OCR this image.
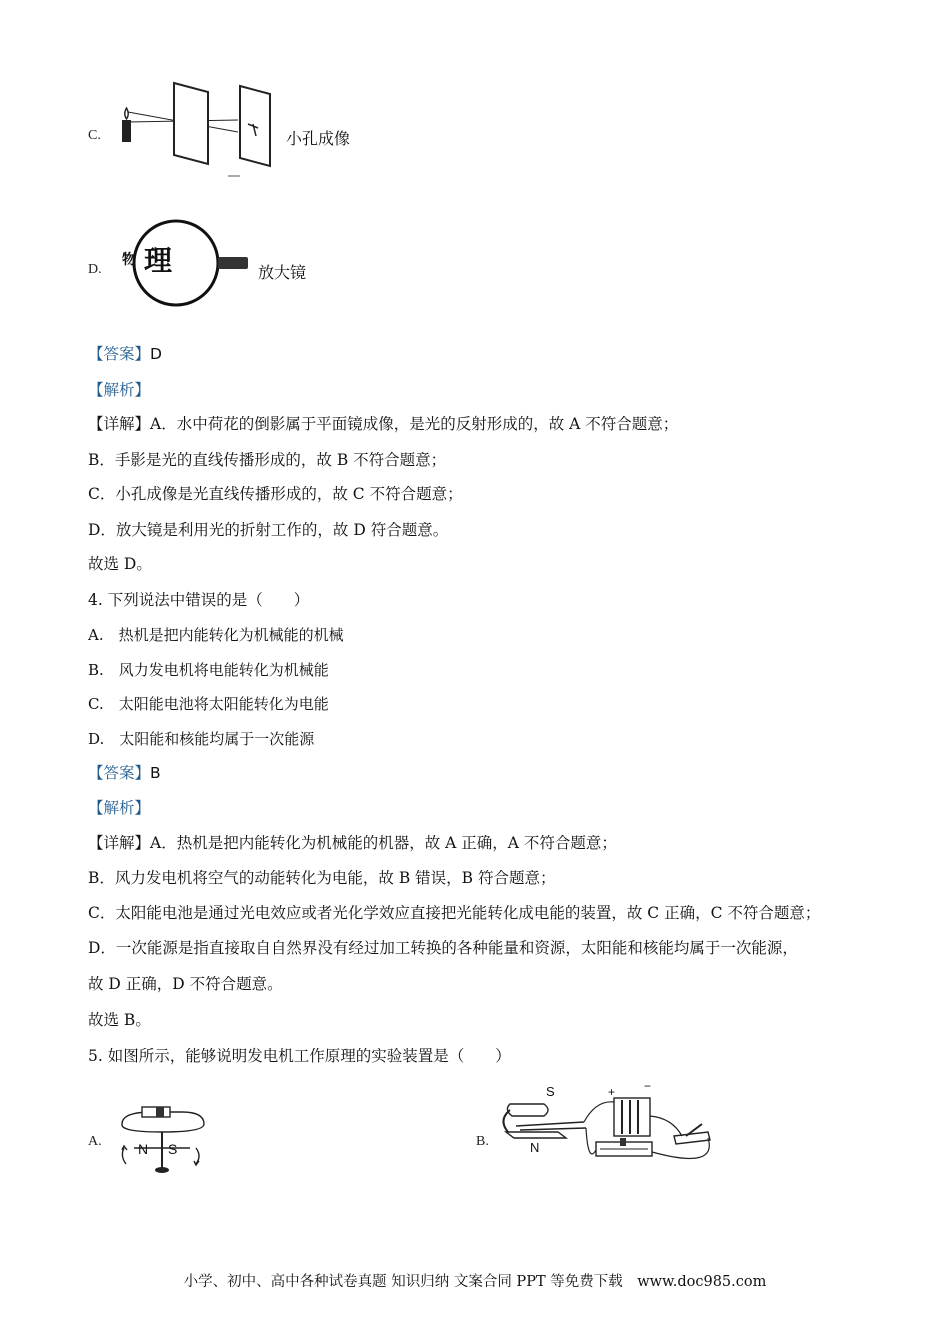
C.	小孔成像
D.
物 理	放大镜
【答案】D
【解析】
【详解】A．水中荷花的倒影属于平面镜成像，是光的反射形成的，故 A 不符合题意；
B．手影是光的直线传播形成的，故 B 不符合题意；
C．小孔成像是光直线传播形成的，故 C 不符合题意；
D．放大镜是利用光的折射工作的，故 D 符合题意。
故选 D。
4. 下列说法中错误的是（　　）
A.　热机是把内能转化为机械能的机械
B.　风力发电机将电能转化为机械能
C.　太阳能电池将太阳能转化为电能
D.　太阳能和核能均属于一次能源
【答案】B
【解析】
【详解】A．热机是把内能转化为机械能的机器，故 A 正确，A 不符合题意；
B．风力发电机将空气的动能转化为电能，故 B 错误，B 符合题意；
C．太阳能电池是通过光电效应或者光化学效应直接把光能转化成电能的装置，故 C 正确，C 不符合题意；
D．一次能源是指直接取自自然界没有经过加工转换的各种能量和资源，太阳能和核能均属于一次能源，
故 D 正确，D 不符合题意。
故选 B。
5. 如图所示，能够说明发电机工作原理的实验装置是（　　）
A.	N S	B.
S
N
+ −
小学、初中、高中各种试卷真题 知识归纳 文案合同 PPT 等免费下载　www.doc985.com
